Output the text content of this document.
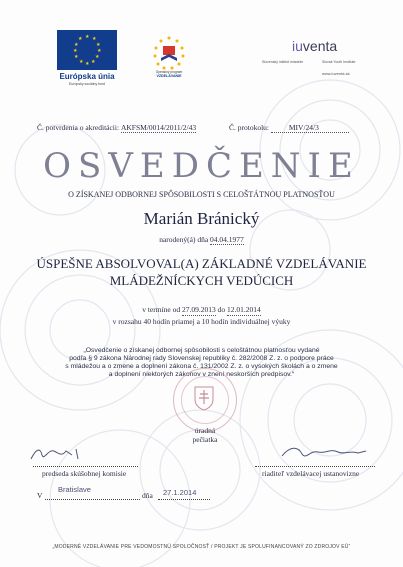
★ ★
★
★
★
★
★
★
★
★
★
★
Európska únia
Európsky sociálny fond
Operačný program
VZDELÁVANIE
iuventa
Slovenský inštitút mládeže	Slovak Youth Institute
www.iuventa.sk
Č. potvrdenia o akreditácii: AKFSM/0014/2011/2/43	Č. protokolu:	MIV/24/3
OSVEDČENIE
O ZÍSKANEJ ODBORNEJ SPÔSOBILOSTI S CELOŠTÁTNOU PLATNOSŤOU
Marián Bránický
narodený(á) dňa 04.04.1977
ÚSPEŠNE ABSOLVOVAL(A) ZÁKLADNÉ VZDELÁVANIE
MLÁDEŽNÍCKYCH VEDÚCICH
v termíne od 27.09.2013 do 12.01.2014
v rozsahu 40 hodín priamej a 10 hodín individuálnej výuky
„Osvedčenie o získanej odbornej spôsobilosti s celoštátnou platnosťou vydané
podľa § 9 zákona Národnej rady Slovenskej republiky č. 282/2008 Z. z. o podpore práce
s mládežou a o zmene a doplnení zákona č. 131/2002 Z. z. o vysokých školách a o zmene
a doplnení niektorých zákonov v znení neskorších predpisov.“
úradná
pečiatka
predseda skúšobnej komisie	riaditeľ vzdelávacej ustanovizne
V
Bratislave
dňa 27.1.2014
„MODERNÉ VZDELÁVANIE PRE VEDOMOSTNÚ SPOLOČNOSŤ / PROJEKT JE SPOLUFINANCOVANÝ ZO ZDROJOV EÚ“
